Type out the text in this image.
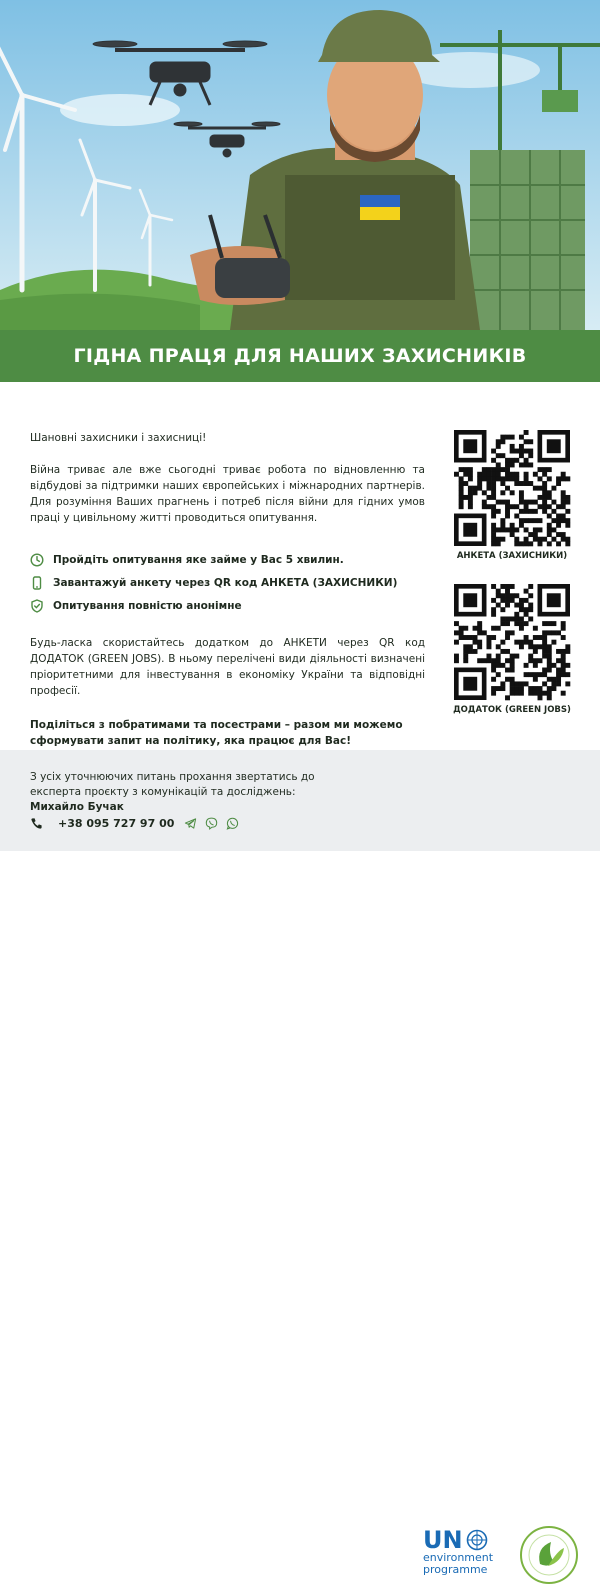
ГІДНА ПРАЦЯ ДЛЯ НАШИХ ЗАХИСНИКІВ

Шановні захисники і захисниці!

Війна триває але вже сьогодні триває робота по відновленню та відбудові за підтримки наших європейських і міжнародних партнерів. Для розуміння Ваших прагнень і потреб після війни для гідних умов праці у цивільному житті проводиться опитування.

Пройдіть опитування яке займе у Вас 5 хвилин.
Завантажуй анкету через QR код АНКЕТА (ЗАХИСНИКИ)
Опитування повністю анонімне

Будь-ласка скористайтесь додатком до АНКЕТИ через QR код ДОДАТОК (GREEN JOBS). В ньому перелічені види діяльності визначені пріоритетними для інвестування в економіку України та відповідні професії.

Поділіться з побратимами та посестрами – разом ми можемо сформувати запит на політику, яка працює для Вас!

АНКЕТА (ЗАХИСНИКИ)
ДОДАТОК (GREEN JOBS)
З усіх уточнюючих питань прохання звертатись до експерта проєкту з комунікацій та досліджень:
Михайло Бучак
+38 095 727 97 00
UN
environment
programme
